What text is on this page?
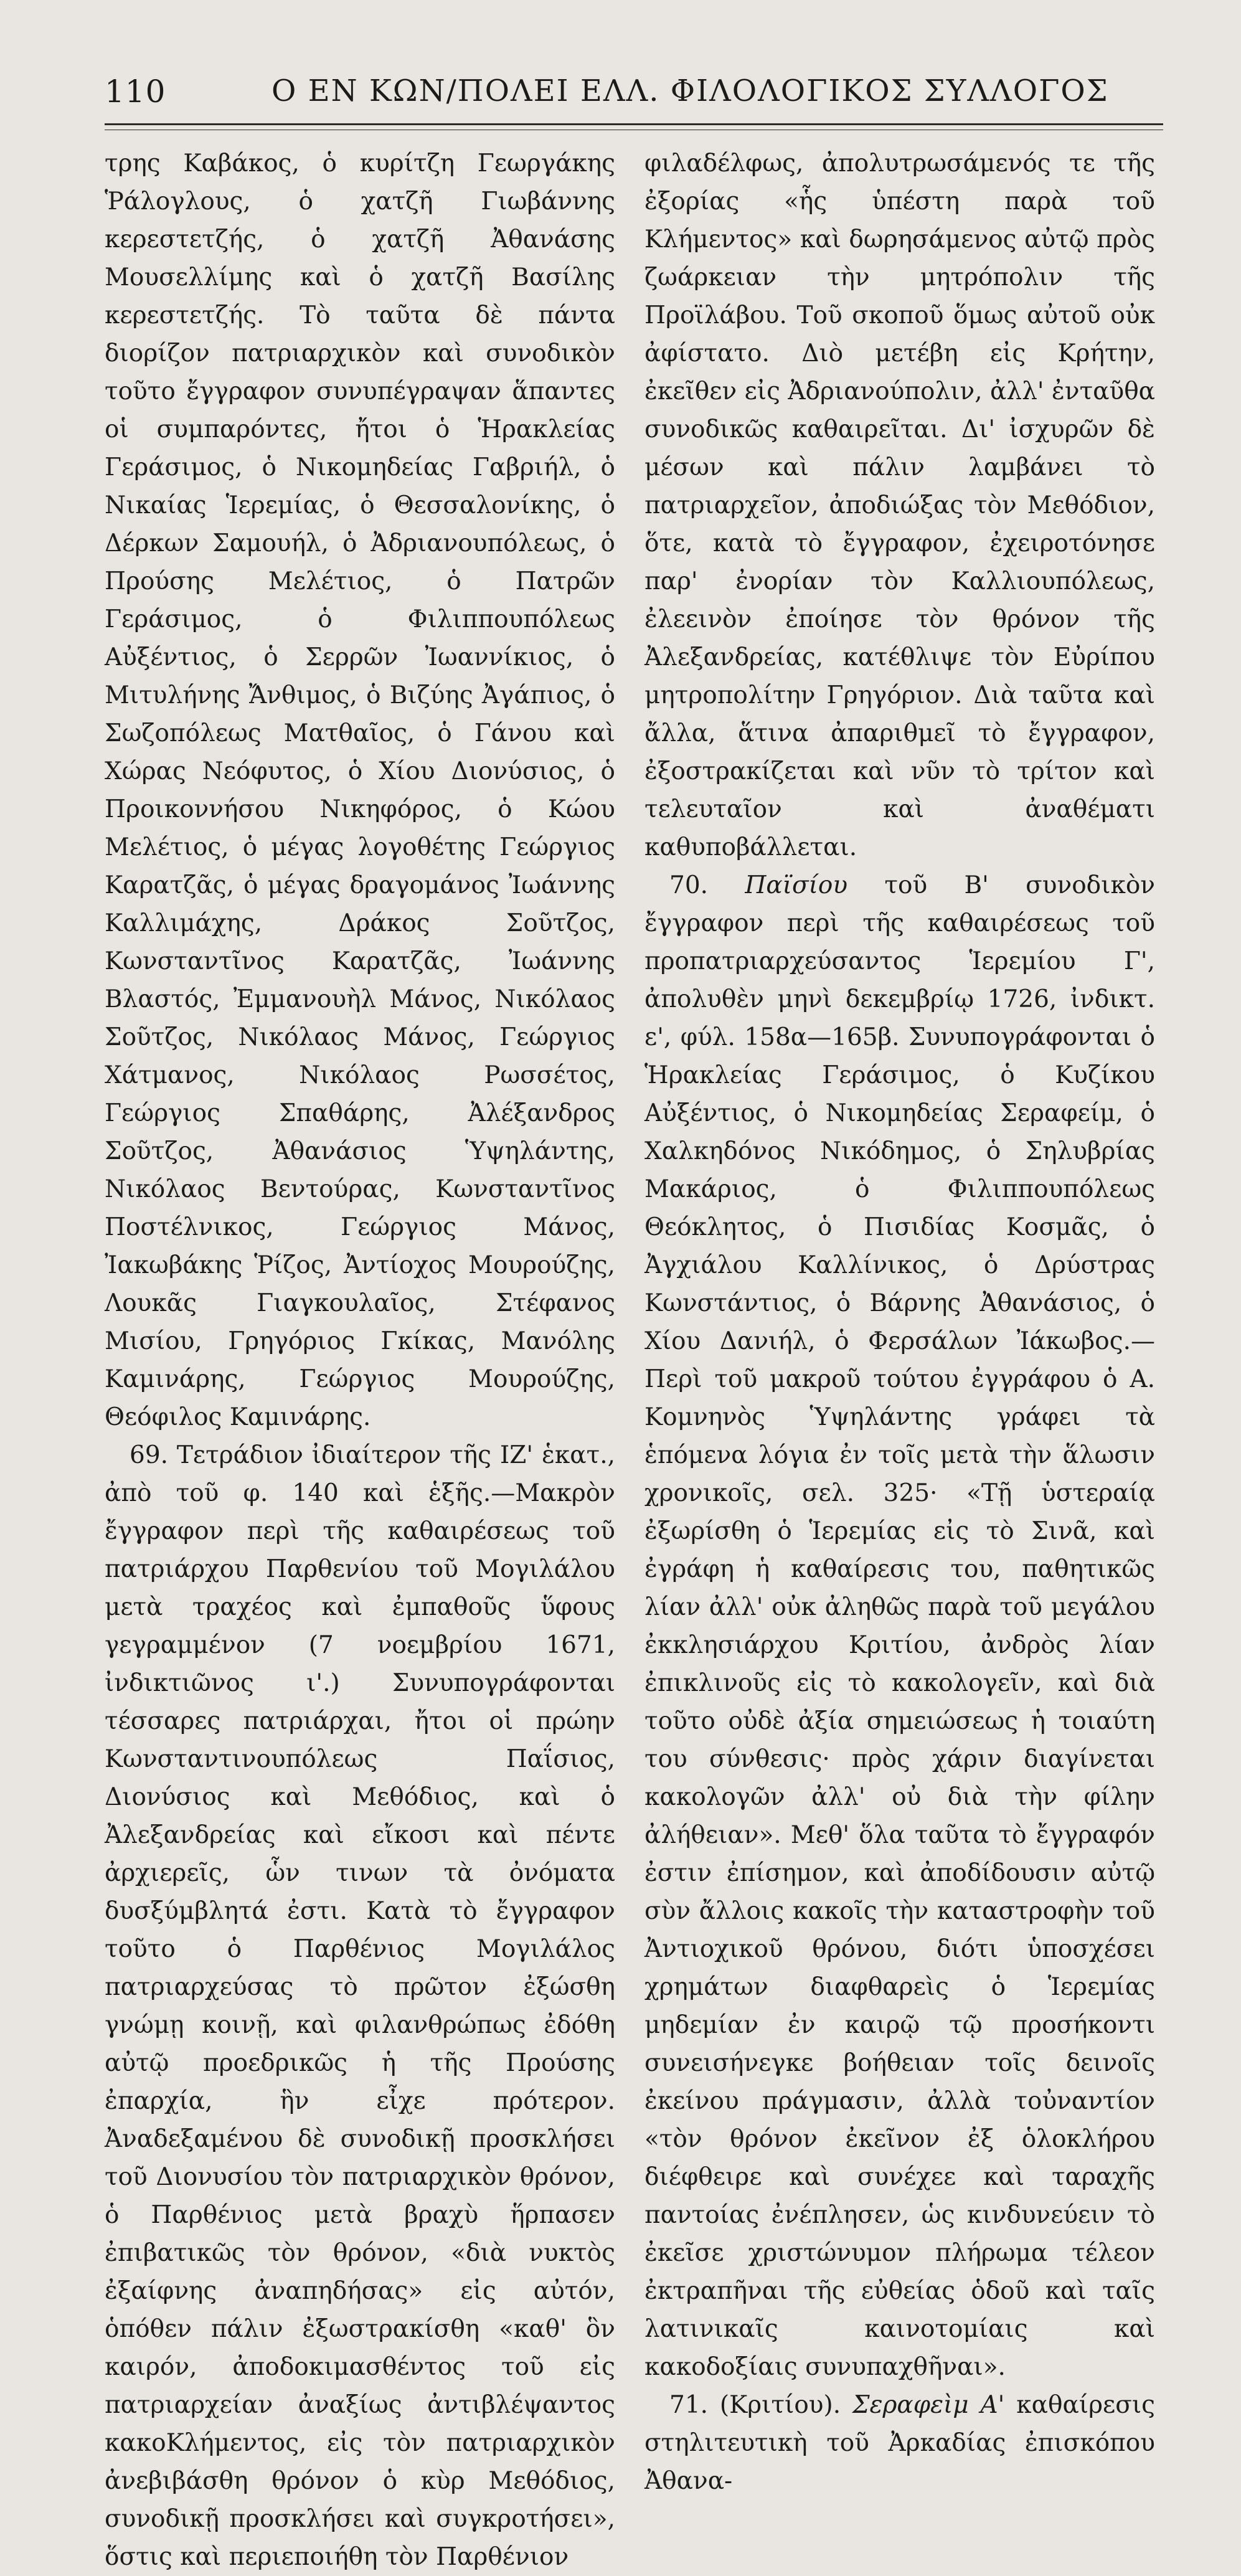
110	Ο ΕΝ ΚΩΝ/ΠΟΛΕΙ ΕΛΛ. ΦΙΛΟΛΟΓΙΚΟΣ ΣΥΛΛΟΓΟΣ

τρης Καβάκος, ὁ κυρίτζη Γεωργάκης Ῥάλογλους, ὁ χατζῆ Γιωβάννης κερεστετζής, ὁ χατζῆ Ἀθανάσης Μουσελλίμης καὶ ὁ χατζῆ Βασίλης κερεστετζής. Τὸ ταῦτα δὲ πάντα διορίζον πατριαρχικὸν καὶ συνοδικὸν τοῦτο ἔγγραφον συνυπέγραψαν ἅπαντες οἱ συμπαρόντες, ἤτοι ὁ Ἡρακλείας Γεράσιμος, ὁ Νικομηδείας Γαβριήλ, ὁ Νικαίας Ἱερεμίας, ὁ Θεσσαλονίκης, ὁ Δέρκων Σαμουήλ, ὁ Ἀδριανουπόλεως, ὁ Προύσης Μελέτιος, ὁ Πατρῶν Γεράσιμος, ὁ Φιλιππουπόλεως Αὐξέντιος, ὁ Σερρῶν Ἰωαννίκιος, ὁ Μιτυλήνης Ἄνθιμος, ὁ Βιζύης Ἀγάπιος, ὁ Σωζοπόλεως Ματθαῖος, ὁ Γάνου καὶ Χώρας Νεόφυτος, ὁ Χίου Διονύσιος, ὁ Προικοννήσου Νικηφόρος, ὁ Κώου Μελέτιος, ὁ μέγας λογοθέτης Γεώργιος Καρατζᾶς, ὁ μέγας δραγομάνος Ἰωάννης Καλλιμάχης, Δράκος Σοῦτζος, Κωνσταντῖνος Καρατζᾶς, Ἰωάννης Βλαστός, Ἐμμανουὴλ Μάνος, Νικόλαος Σοῦτζος, Νικόλαος Μάνος, Γεώργιος Χάτμανος, Νικόλαος Ρωσσέτος, Γεώργιος Σπαθάρης, Ἀλέξανδρος Σοῦτζος, Ἀθανάσιος Ὑψηλάντης, Νικόλαος Βεντούρας, Κωνσταντῖνος Ποστέλνικος, Γεώργιος Μάνος, Ἰακωβάκης Ῥίζος, Ἀντίοχος Μουρούζης, Λουκᾶς Γιαγκουλαῖος, Στέφανος Μισίου, Γρηγόριος Γκίκας, Μανόλης Καμινάρης, Γεώργιος Μουρούζης, Θεόφιλος Καμινάρης.

69. Τετράδιον ἰδιαίτερον τῆς ΙΖ' ἑκατ., ἀπὸ τοῦ φ. 140 καὶ ἑξῆς.—Μακρὸν ἔγγραφον περὶ τῆς καθαιρέσεως τοῦ πατριάρχου Παρθενίου τοῦ Μογιλάλου μετὰ τραχέος καὶ ἐμπαθοῦς ὕφους γεγραμμένον (7 νοεμβρίου 1671, ἰνδικτιῶνος ι'.) Συνυπογράφονται τέσσαρες πατριάρχαι, ἤτοι οἱ πρώην Κωνσταντινουπόλεως Παΐσιος, Διονύσιος καὶ Μεθόδιος, καὶ ὁ Ἀλεξανδρείας καὶ εἴκοσι καὶ πέντε ἀρχιερεῖς, ὧν τινων τὰ ὀνόματα δυσξύμβλητά ἐστι. Κατὰ τὸ ἔγγραφον τοῦτο ὁ Παρθένιος Μογιλάλος πατριαρχεύσας τὸ πρῶτον ἐξώσθη γνώμῃ κοινῇ, καὶ φιλανθρώπως ἐδόθη αὐτῷ προεδρικῶς ἡ τῆς Προύσης ἐπαρχία, ἣν εἶχε πρότερον. Ἀναδεξαμένου δὲ συνοδικῇ προσκλήσει τοῦ Διονυσίου τὸν πατριαρχικὸν θρόνον, ὁ Παρθένιος μετὰ βραχὺ ἥρπασεν ἐπιβατικῶς τὸν θρόνον, «διὰ νυκτὸς ἐξαίφνης ἀναπηδήσας» εἰς αὐτόν, ὁπόθεν πάλιν ἐξωστρακίσθη «καθ' ὃν καιρόν, ἀποδοκιμασθέντος τοῦ εἰς πατριαρχείαν ἀναξίως ἀντιβλέψαντος κακοΚλήμεντος, εἰς τὸν πατριαρχικὸν ἀνεβιβάσθη θρόνον ὁ κὺρ Μεθόδιος, συνοδικῇ προσκλήσει καὶ συγκροτήσει», ὅστις καὶ περιεποιήθη τὸν Παρθένιον

φιλαδέλφως, ἀπολυτρωσάμενός τε τῆς ἐξορίας «ἧς ὑπέστη παρὰ τοῦ Κλήμεντος» καὶ δωρησάμενος αὐτῷ πρὸς ζωάρκειαν τὴν μητρόπολιν τῆς Προϊλάβου. Τοῦ σκοποῦ ὅμως αὐτοῦ οὐκ ἀφίστατο. Διὸ μετέβη εἰς Κρήτην, ἐκεῖθεν εἰς Ἀδριανούπολιν, ἀλλ' ἐνταῦθα συνοδικῶς καθαιρεῖται. Δι' ἰσχυρῶν δὲ μέσων καὶ πάλιν λαμβάνει τὸ πατριαρχεῖον, ἀποδιώξας τὸν Μεθόδιον, ὅτε, κατὰ τὸ ἔγγραφον, ἐχειροτόνησε παρ' ἐνορίαν τὸν Καλλιουπόλεως, ἐλεεινὸν ἐποίησε τὸν θρόνον τῆς Ἀλεξανδρείας, κατέθλιψε τὸν Εὐρίπου μητροπολίτην Γρηγόριον. Διὰ ταῦτα καὶ ἄλλα, ἅτινα ἀπαριθμεῖ τὸ ἔγγραφον, ἐξοστρακίζεται καὶ νῦν τὸ τρίτον καὶ τελευταῖον καὶ ἀναθέματι καθυποβάλλεται.

70. Παϊσίου τοῦ Β' συνοδικὸν ἔγγραφον περὶ τῆς καθαιρέσεως τοῦ προπατριαρχεύσαντος Ἱερεμίου Γ', ἀπολυθὲν μηνὶ δεκεμβρίῳ 1726, ἰνδικτ. ε', φύλ. 158α—165β. Συνυπογράφονται ὁ Ἡρακλείας Γεράσιμος, ὁ Κυζίκου Αὐξέντιος, ὁ Νικομηδείας Σεραφείμ, ὁ Χαλκηδόνος Νικόδημος, ὁ Σηλυβρίας Μακάριος, ὁ Φιλιππουπόλεως Θεόκλητος, ὁ Πισιδίας Κοσμᾶς, ὁ Ἀγχιάλου Καλλίνικος, ὁ Δρύστρας Κωνστάντιος, ὁ Βάρνης Ἀθανάσιος, ὁ Χίου Δανιήλ, ὁ Φερσάλων Ἰάκωβος.— Περὶ τοῦ μακροῦ τούτου ἐγγράφου ὁ Α. Κομνηνὸς Ὑψηλάντης γράφει τὰ ἑπόμενα λόγια ἐν τοῖς μετὰ τὴν ἅλωσιν χρονικοῖς, σελ. 325· «Τῇ ὑστεραίᾳ ἐξωρίσθη ὁ Ἱερεμίας εἰς τὸ Σινᾶ, καὶ ἐγράφη ἡ καθαίρεσις του, παθητικῶς λίαν ἀλλ' οὐκ ἀληθῶς παρὰ τοῦ μεγάλου ἐκκλησιάρχου Κριτίου, ἀνδρὸς λίαν ἐπικλινοῦς εἰς τὸ κακολογεῖν, καὶ διὰ τοῦτο οὐδὲ ἀξία σημειώσεως ἡ τοιαύτη του σύνθεσις· πρὸς χάριν διαγίνεται κακολογῶν ἀλλ' οὐ διὰ τὴν φίλην ἀλήθειαν». Μεθ' ὅλα ταῦτα τὸ ἔγγραφόν ἐστιν ἐπίσημον, καὶ ἀποδίδουσιν αὐτῷ σὺν ἄλλοις κακοῖς τὴν καταστροφὴν τοῦ Ἀντιοχικοῦ θρόνου, διότι ὑποσχέσει χρημάτων διαφθαρεὶς ὁ Ἱερεμίας μηδεμίαν ἐν καιρῷ τῷ προσήκοντι συνεισήνεγκε βοήθειαν τοῖς δεινοῖς ἐκείνου πράγμασιν, ἀλλὰ τοὐναντίον «τὸν θρόνον ἐκεῖνον ἐξ ὁλοκλήρου διέφθειρε καὶ συνέχεε καὶ ταραχῆς παντοίας ἐνέπλησεν, ὡς κινδυνεύειν τὸ ἐκεῖσε χριστώνυμον πλήρωμα τέλεον ἐκτραπῆναι τῆς εὐθείας ὁδοῦ καὶ ταῖς λατινικαῖς καινοτομίαις καὶ κακοδοξίαις συνυπαχθῆναι».

71. (Κριτίου). Σεραφεὶμ Α' καθαίρεσις στηλιτευτικὴ τοῦ Ἀρκαδίας ἐπισκόπου Ἀθανα-
